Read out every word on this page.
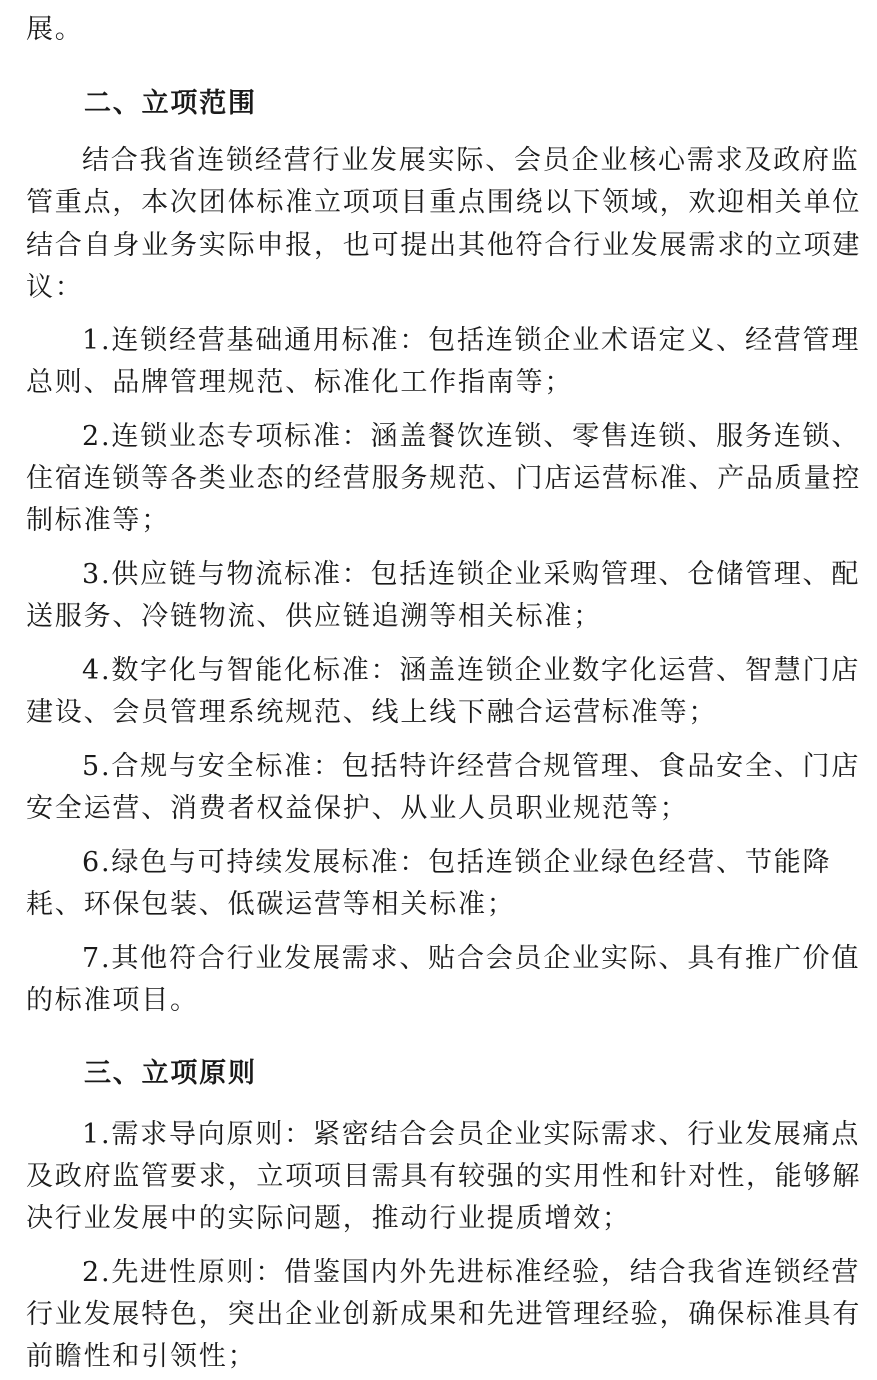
展。
二、立项范围
结合我省连锁经营行业发展实际、会员企业核心需求及政府监
管重点，本次团体标准立项项目重点围绕以下领域，欢迎相关单位
结合自身业务实际申报，也可提出其他符合行业发展需求的立项建
议：
1.连锁经营基础通用标准：包括连锁企业术语定义、经营管理
总则、品牌管理规范、标准化工作指南等；
2.连锁业态专项标准：涵盖餐饮连锁、零售连锁、服务连锁、
住宿连锁等各类业态的经营服务规范、门店运营标准、产品质量控
制标准等；
3.供应链与物流标准：包括连锁企业采购管理、仓储管理、配
送服务、冷链物流、供应链追溯等相关标准；
4.数字化与智能化标准：涵盖连锁企业数字化运营、智慧门店
建设、会员管理系统规范、线上线下融合运营标准等；
5.合规与安全标准：包括特许经营合规管理、食品安全、门店
安全运营、消费者权益保护、从业人员职业规范等；
6.绿色与可持续发展标准：包括连锁企业绿色经营、节能降
耗、环保包装、低碳运营等相关标准；
7.其他符合行业发展需求、贴合会员企业实际、具有推广价值
的标准项目。
三、立项原则
1.需求导向原则：紧密结合会员企业实际需求、行业发展痛点
及政府监管要求，立项项目需具有较强的实用性和针对性，能够解
决行业发展中的实际问题，推动行业提质增效；
2.先进性原则：借鉴国内外先进标准经验，结合我省连锁经营
行业发展特色，突出企业创新成果和先进管理经验，确保标准具有
前瞻性和引领性；
